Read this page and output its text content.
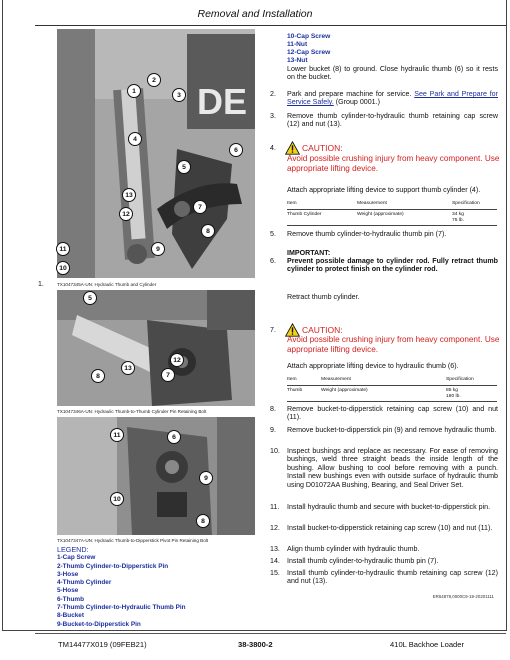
Removal and Installation
DE
2
1
3
4
6
5
13
7
12
8
11	9
10
1.	TX1047345A-UN: Hydraulic Thumb and Cylinder
5
13
12
8	7
TX1047346A-UN: Hydraulic Thumb-to-Thumb Cylinder Pin Retaining Bolt
11	6
9
10
8
TX1047347A-UN: Hydraulic Thumb-to-Dipperstick Pivot Pin Retaining Bolt
LEGEND:
1-Cap Screw
2-Thumb Cylinder-to-Dipperstick Pin
3-Hose
4-Thumb Cylinder
5-Hose
6-Thumb
7-Thumb Cylinder-to-Hydraulic Thumb Pin
8-Bucket
9-Bucket-to-Dipperstick Pin
10-Cap Screw
11-Nut
12-Cap Screw
13-Nut
Lower bucket (8) to ground. Close hydraulic thumb (6) so it rests on the bucket.
2.	Park and prepare machine for service. See Park and Prepare for Service Safely. (Group 0001.)
3.	Remove thumb cylinder-to-hydraulic thumb retaining cap screw (12) and nut (13).
4.	CAUTION:
Avoid possible crushing injury from heavy component. Use appropriate lifting device.
Attach appropriate lifting device to support thumb cylinder (4).
Item	Measurement	Specification
Thumb Cylinder	Weight (approximate)	34 kg
75 lb.
5.	Remove thumb cylinder-to-hydraulic thumb pin (7).
IMPORTANT:
6.	Prevent possible damage to cylinder rod. Fully retract thumb cylinder to protect finish on the cylinder rod.
Retract thumb cylinder.
7.	CAUTION:
Avoid possible crushing injury from heavy component. Use appropriate lifting device.
Attach appropriate lifting device to hydraulic thumb (6).
Item	Measurement	Specification
Thumb	Weight (approximate)	85 kg
180 lb.
8.	Remove bucket-to-dipperstick retaining cap screw (10) and nut (11).
9.	Remove bucket-to-dipperstick pin (9) and remove hydraulic thumb.
10. Inspect bushings and replace as necessary. For ease of removing bushings, weld three straight beads the inside length of the bushing. Allow bushing to cool before removing with a punch. Install new bushings even with outside surface of hydraulic thumb using D01072AA Bushing, Bearing, and Seal Driver Set.
11.	Install hydraulic thumb and secure with bucket-to-dipperstick pin.
12. Install bucket-to-dipperstick retaining cap screw (10) and nut (11).
13. Align thumb cylinder with hydraulic thumb.
14. Install thumb cylinder-to-hydraulic thumb pin (7).
15. Install thumb cylinder-to-hydraulic thumb retaining cap screw (12) and nut (13).
ER64879,0000C9-19-20201111
TM14477X019 (09FEB21)	38-3800-2	410L Backhoe Loader
